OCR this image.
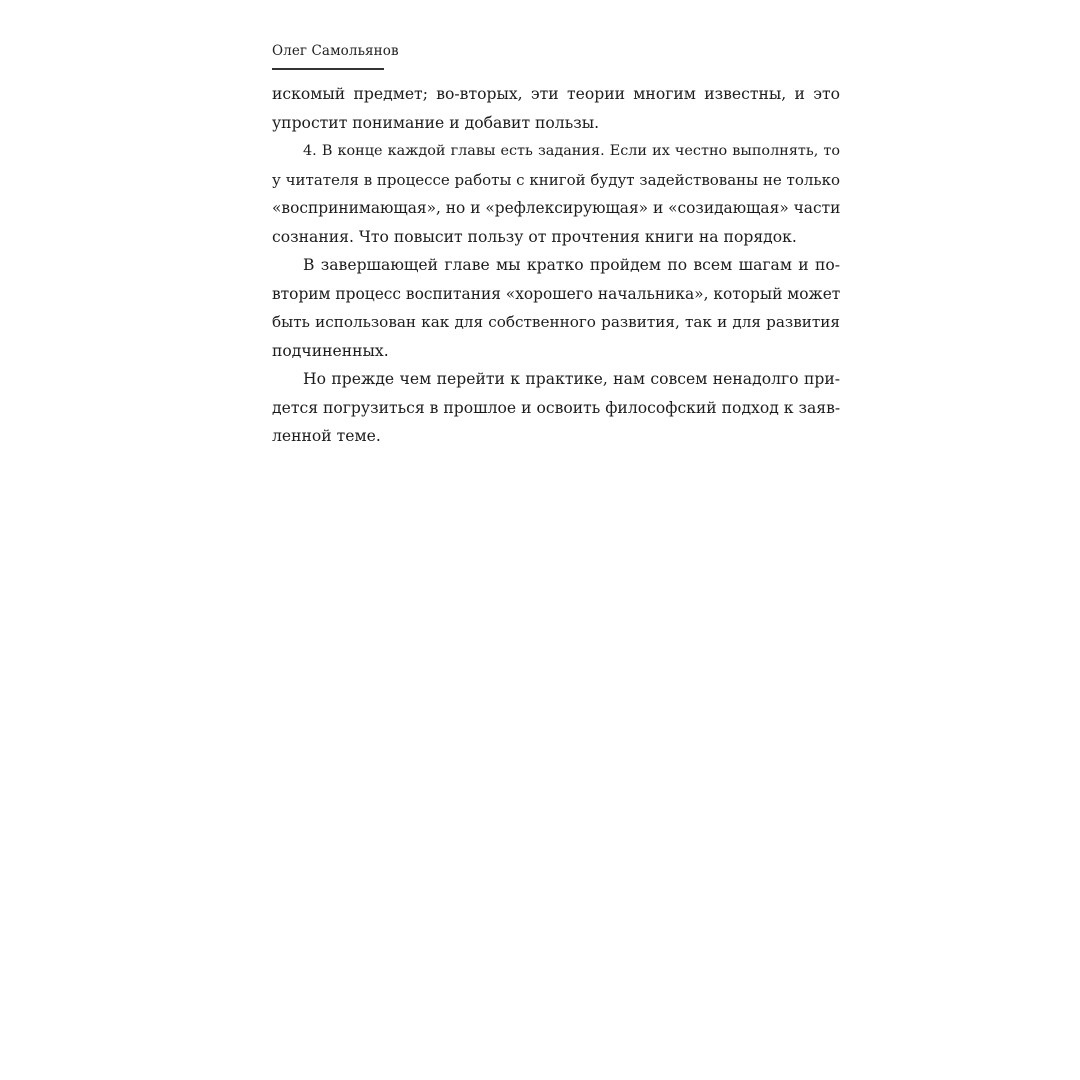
Олег Самольянов
искомый предмет; во-вторых, эти теории многим известны, и это
упростит понимание и добавит пользы.
4. В конце каждой главы есть задания. Если их честно выполнять, то
у читателя в процессе работы с книгой будут задействованы не только
«воспринимающая», но и «рефлексирующая» и «созидающая» части
сознания. Что повысит пользу от прочтения книги на порядок.
В завершающей главе мы кратко пройдем по всем шагам и по-
вторим процесс воспитания «хорошего начальника», который может
быть использован как для собственного развития, так и для развития
подчиненных.
Но прежде чем перейти к практике, нам совсем ненадолго при-
дется погрузиться в прошлое и освоить философский подход к заяв-
ленной теме.
